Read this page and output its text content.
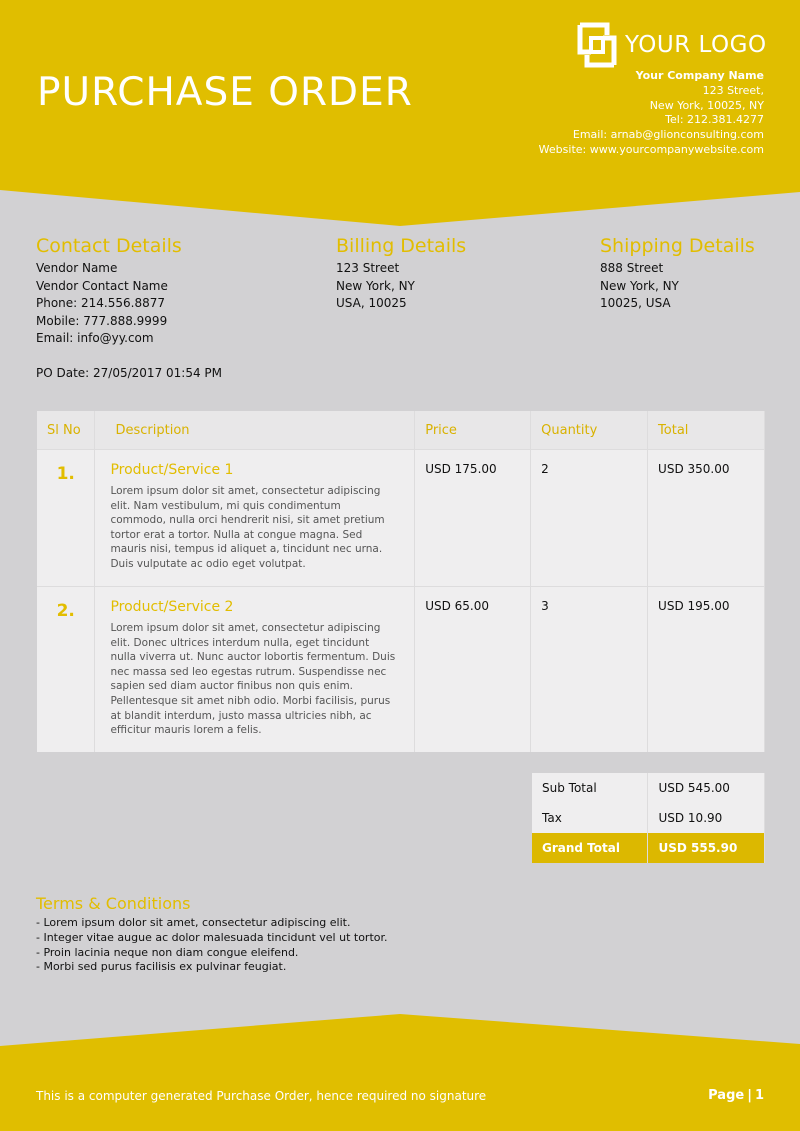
PURCHASE ORDER
YOUR LOGO
Your Company Name
123 Street,
New York, 10025, NY
Tel: 212.381.4277
Email: arnab@glionconsulting.com
Website: www.yourcompanywebsite.com
Contact Details
Vendor Name
Vendor Contact Name
Phone: 214.556.8877
Mobile: 777.888.9999
Email: info@yy.com
Billing Details
123 Street
New York, NY
USA, 10025
Shipping Details
888 Street
New York, NY
10025, USA
PO Date: 27/05/2017 01:54 PM
Sl No	Description	Price	Quantity	Total
1.	Product/Service 1
Lorem ipsum dolor sit amet, consectetur adipiscing elit. Nam vestibulum, mi quis condimentum commodo, nulla orci hendrerit nisi, sit amet pretium tortor erat a tortor. Nulla at congue magna. Sed mauris nisi, tempus id aliquet a, tincidunt nec urna. Duis vulputate ac odio eget volutpat.	USD 175.00	2	USD 350.00
2.	Product/Service 2
Lorem ipsum dolor sit amet, consectetur adipiscing elit. Donec ultrices interdum nulla, eget tincidunt nulla viverra ut. Nunc auctor lobortis fermentum. Duis nec massa sed leo egestas rutrum. Suspendisse nec sapien sed diam auctor finibus non quis enim. Pellentesque sit amet nibh odio. Morbi facilisis, purus at blandit interdum, justo massa ultricies nibh, ac efficitur mauris lorem a felis.	USD 65.00	3	USD 195.00
Sub Total	USD 545.00
Tax	USD 10.90
Grand Total	USD 555.90
Terms & Conditions
- Lorem ipsum dolor sit amet, consectetur adipiscing elit.
- Integer vitae augue ac dolor malesuada tincidunt vel ut tortor.
- Proin lacinia neque non diam congue eleifend.
- Morbi sed purus facilisis ex pulvinar feugiat.
This is a computer generated Purchase Order, hence required no signature	Page | 1
